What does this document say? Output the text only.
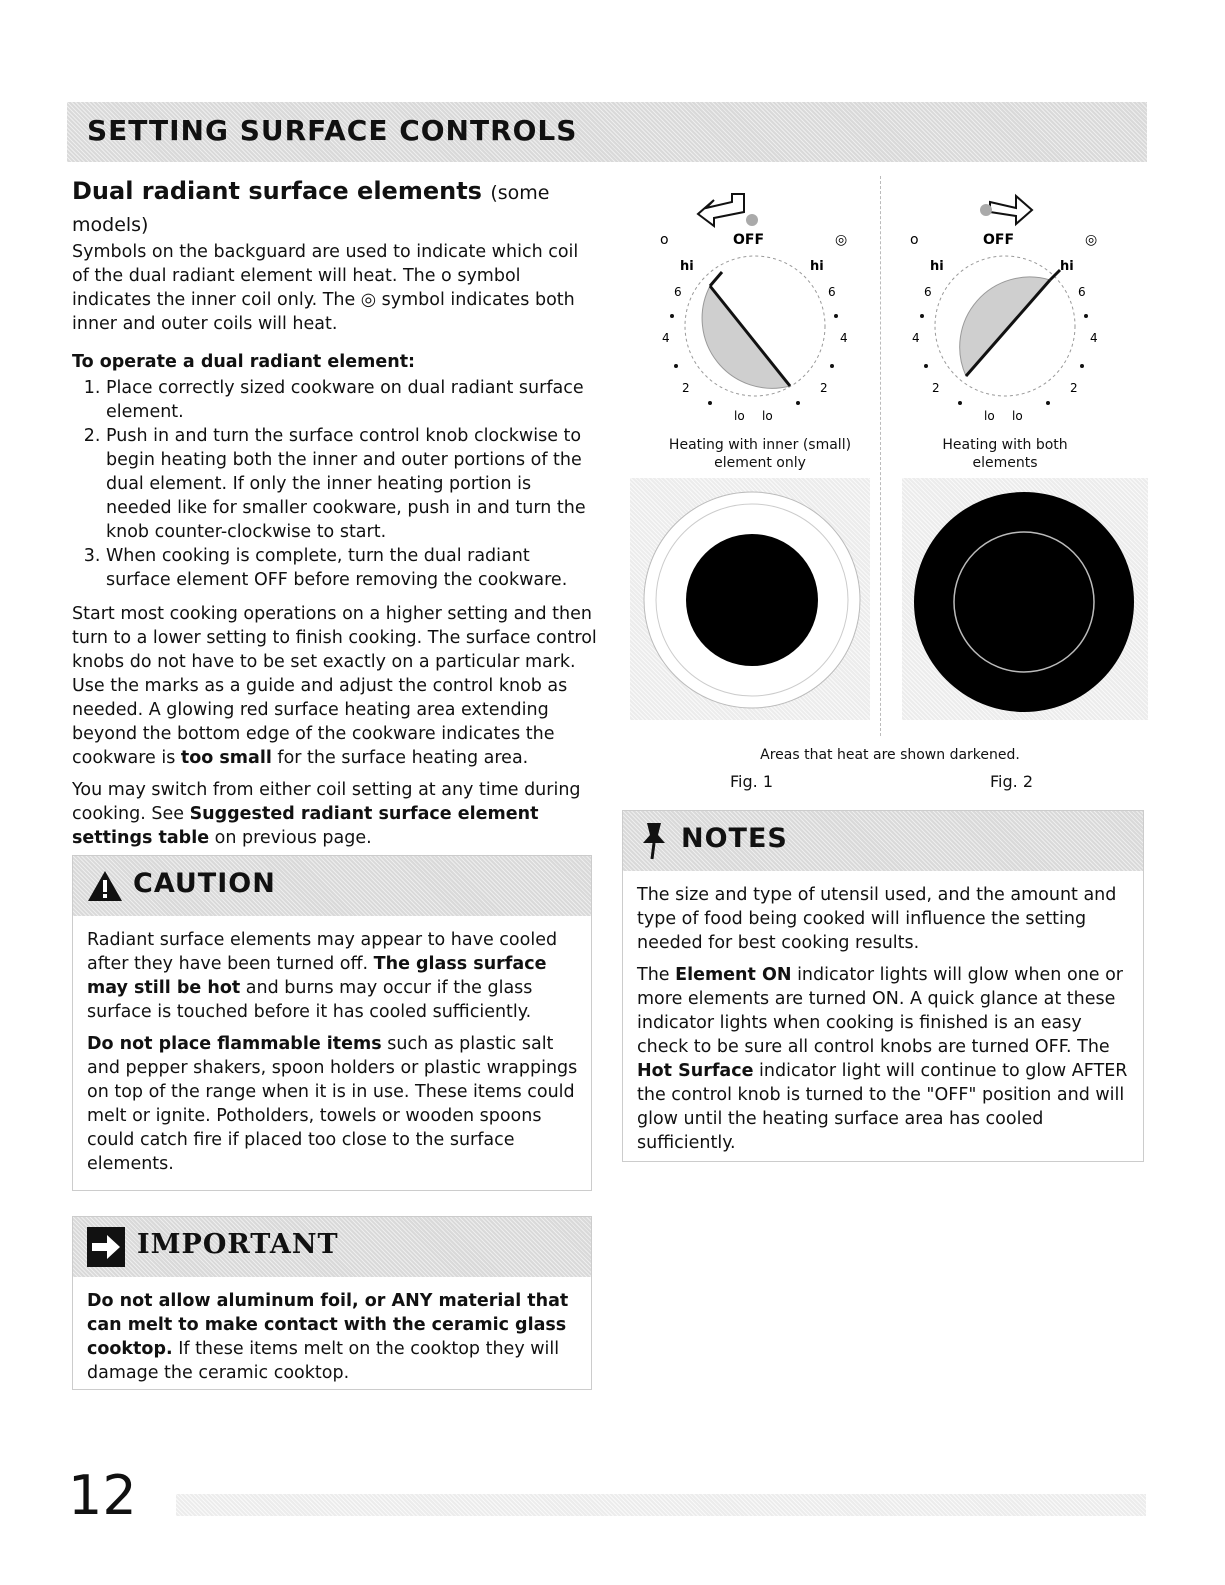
SETTING SURFACE CONTROLS
Dual radiant surface elements (some models)

Symbols on the backguard are used to indicate which coil of the dual radiant element will heat. The o symbol indicates the inner coil only. The ◎ symbol indicates both inner and outer coils will heat.

To operate a dual radiant element:
1. Place correctly sized cookware on dual radiant surface element.
2. Push in and turn the surface control knob clockwise to begin heating both the inner and outer portions of the dual element. If only the inner heating portion is needed like for smaller cookware, push in and turn the knob counter-clockwise to start.
3. When cooking is complete, turn the dual radiant surface element OFF before removing the cookware.

Start most cooking operations on a higher setting and then turn to a lower setting to finish cooking. The surface control knobs do not have to be set exactly on a particular mark. Use the marks as a guide and adjust the control knob as needed. A glowing red surface heating area extending beyond the bottom edge of the cookware indicates the cookware is too small for the surface heating area.

You may switch from either coil setting at any time during cooking. See Suggested radiant surface element settings table on previous page.

CAUTION

Radiant surface elements may appear to have cooled after they have been turned off. The glass surface may still be hot and burns may occur if the glass surface is touched before it has cooled sufficiently.

Do not place flammable items such as plastic salt and pepper shakers, spoon holders or plastic wrappings on top of the range when it is in use. These items could melt or ignite. Potholders, towels or wooden spoons could catch fire if placed too close to the surface elements.

IMPORTANT

Do not allow aluminum foil, or ANY material that can melt to make contact with the ceramic glass cooktop. If these items melt on the cooktop they will damage the ceramic cooktop.

o	OFF	◎
hi	hi
6	6
4	4
2	2
lo lo
Heating with inner (small) element only
o	OFF	◎
hi	hi
6	6
4	4
2	2
lo lo
Heating with both elements
Areas that heat are shown darkened.
Fig. 1	Fig. 2
NOTES

The size and type of utensil used, and the amount and type of food being cooked will influence the setting needed for best cooking results.

The Element ON indicator lights will glow when one or more elements are turned ON. A quick glance at these indicator lights when cooking is finished is an easy check to be sure all control knobs are turned OFF. The Hot Surface indicator light will continue to glow AFTER the control knob is turned to the "OFF" position and will glow until the heating surface area has cooled sufficiently.

12
